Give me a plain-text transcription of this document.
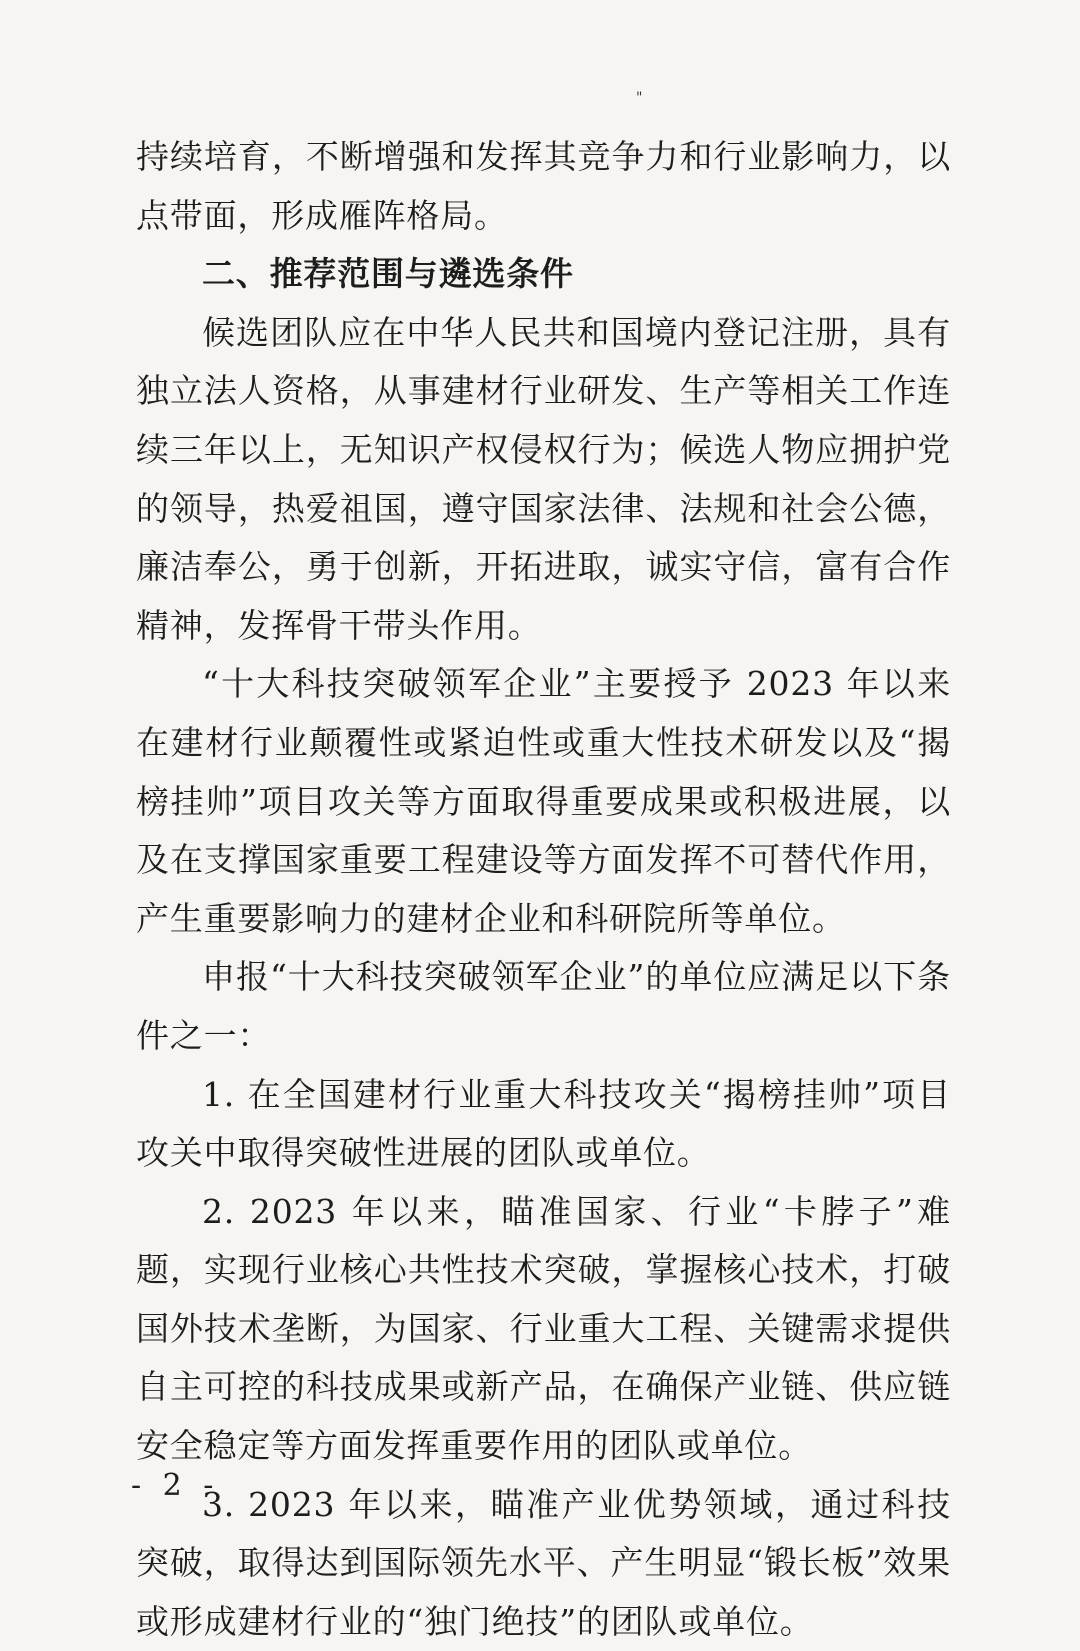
"

持续培育，不断增强和发挥其竞争力和行业影响力，以点带面，形成雁阵格局。

二、推荐范围与遴选条件

候选团队应在中华人民共和国境内登记注册，具有独立法人资格，从事建材行业研发、生产等相关工作连续三年以上，无知识产权侵权行为；候选人物应拥护党的领导，热爱祖国，遵守国家法律、法规和社会公德，廉洁奉公，勇于创新，开拓进取，诚实守信，富有合作精神，发挥骨干带头作用。

“十大科技突破领军企业”主要授予 2023 年以来在建材行业颠覆性或紧迫性或重大性技术研发以及“揭榜挂帅”项目攻关等方面取得重要成果或积极进展，以及在支撑国家重要工程建设等方面发挥不可替代作用，产生重要影响力的建材企业和科研院所等单位。

申报“十大科技突破领军企业”的单位应满足以下条件之一：

1. 在全国建材行业重大科技攻关“揭榜挂帅”项目攻关中取得突破性进展的团队或单位。

2. 2023 年以来，瞄准国家、行业“卡脖子”难题，实现行业核心共性技术突破，掌握核心技术，打破国外技术垄断，为国家、行业重大工程、关键需求提供自主可控的科技成果或新产品，在确保产业链、供应链安全稳定等方面发挥重要作用的团队或单位。

3. 2023 年以来，瞄准产业优势领域，通过科技突破，取得达到国际领先水平、产生明显“锻长板”效果或形成建材行业的“独门绝技”的团队或单位。

- 2 -
